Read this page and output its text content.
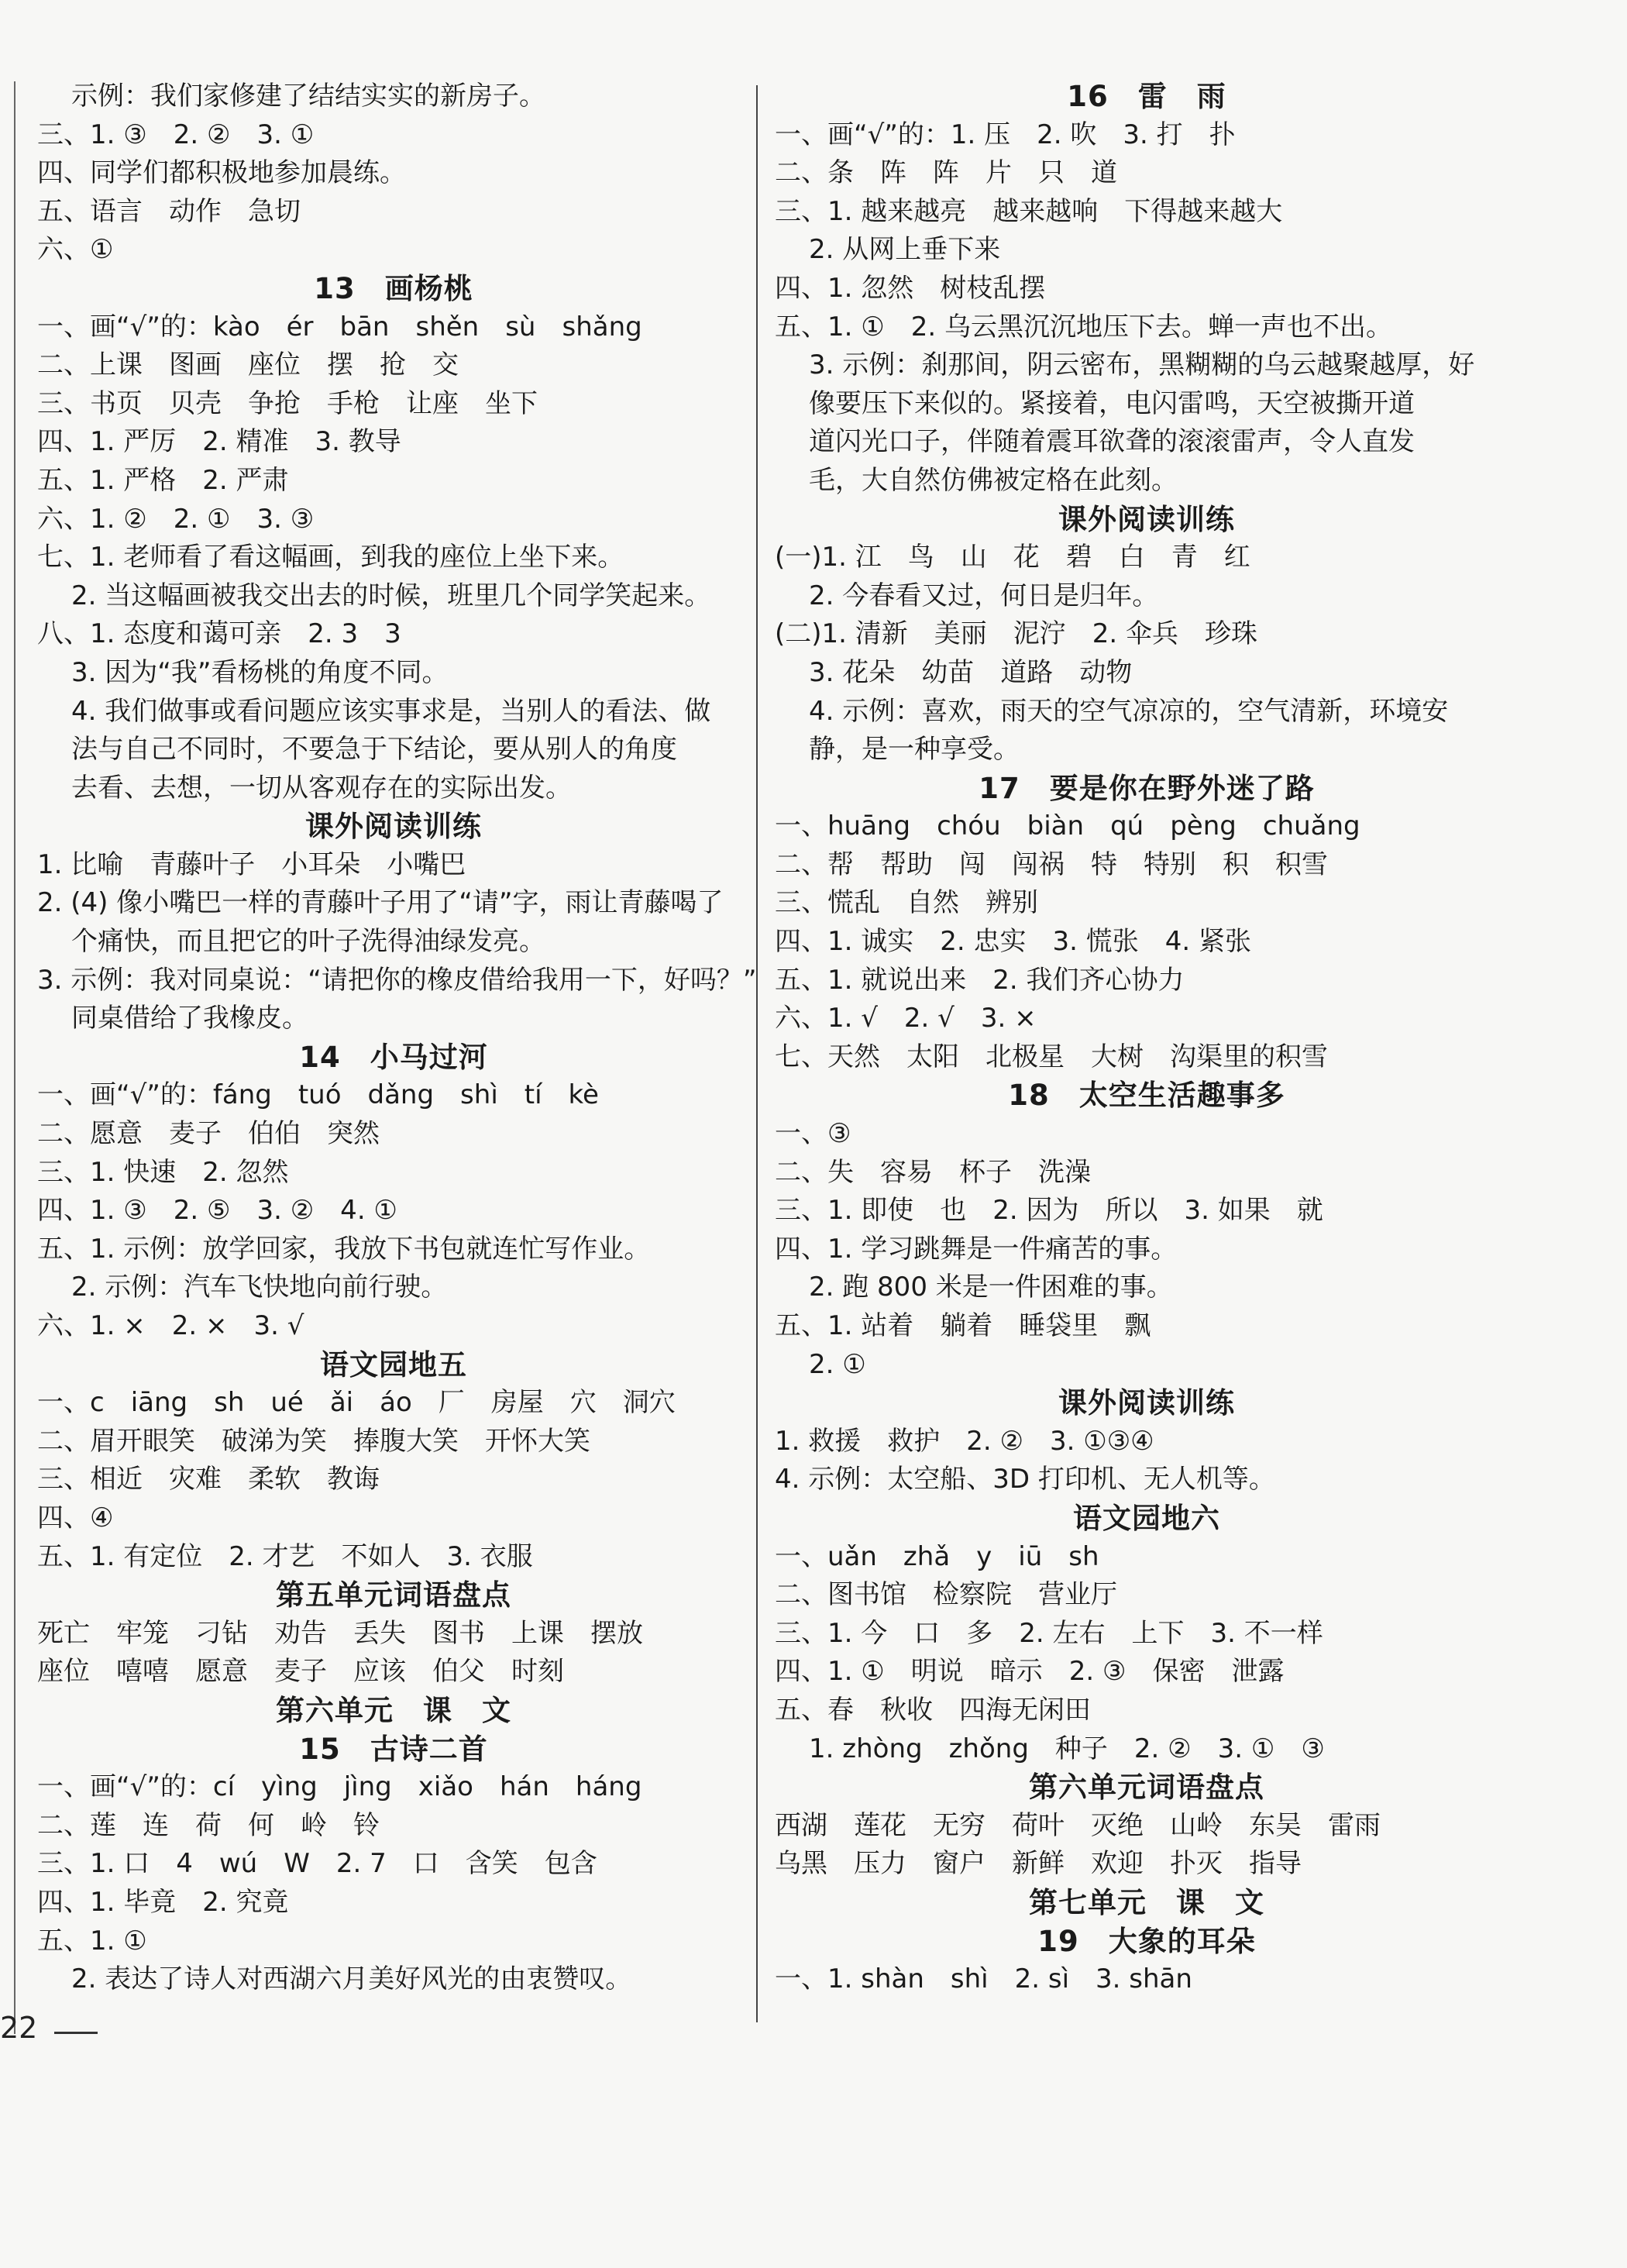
示例：我们家修建了结结实实的新房子。
三、1. ③　2. ②　3. ①
四、同学们都积极地参加晨练。
五、语言　动作　急切
六、①
13　画杨桃
一、画“√”的：kào　ér　bān　shěn　sù　shǎng
二、上课　图画　座位　摆　抢　交
三、书页　贝壳　争抢　手枪　让座　坐下
四、1. 严厉　2. 精准　3. 教导
五、1. 严格　2. 严肃
六、1. ②　2. ①　3. ③
七、1. 老师看了看这幅画，到我的座位上坐下来。
2. 当这幅画被我交出去的时候，班里几个同学笑起来。
八、1. 态度和蔼可亲　2. 3　3
3. 因为“我”看杨桃的角度不同。
4. 我们做事或看问题应该实事求是，当别人的看法、做
法与自己不同时，不要急于下结论，要从别人的角度
去看、去想，一切从客观存在的实际出发。
课外阅读训练
1. 比喻　青藤叶子　小耳朵　小嘴巴
2. (4) 像小嘴巴一样的青藤叶子用了“请”字，雨让青藤喝了
个痛快，而且把它的叶子洗得油绿发亮。
3. 示例：我对同桌说：“请把你的橡皮借给我用一下，好吗？”
同桌借给了我橡皮。
14　小马过河
一、画“√”的：fáng　tuó　dǎng　shì　tí　kè
二、愿意　麦子　伯伯　突然
三、1. 快速　2. 忽然
四、1. ③　2. ⑤　3. ②　4. ①
五、1. 示例：放学回家，我放下书包就连忙写作业。
2. 示例：汽车飞快地向前行驶。
六、1. ×　2. ×　3. √
语文园地五
一、c　iāng　sh　ué　ǎi　áo　厂　房屋　穴　洞穴
二、眉开眼笑　破涕为笑　捧腹大笑　开怀大笑
三、相近　灾难　柔软　教诲
四、④
五、1. 有定位　2. 才艺　不如人　3. 衣服
第五单元词语盘点
死亡　牢笼　刁钻　劝告　丢失　图书　上课　摆放
座位　嘻嘻　愿意　麦子　应该　伯父　时刻
第六单元　课　文
15　古诗二首
一、画“√”的：cí　yìng　jìng　xiǎo　hán　háng
二、莲　连　荷　何　岭　铃
三、1. 口　4　wú　W　2. 7　口　含笑　包含
四、1. 毕竟　2. 究竟
五、1. ①
2. 表达了诗人对西湖六月美好风光的由衷赞叹。
16　雷　雨
一、画“√”的：1. 压　2. 吹　3. 打　扑
二、条　阵　阵　片　只　道
三、1. 越来越亮　越来越响　下得越来越大
2. 从网上垂下来
四、1. 忽然　树枝乱摆
五、1. ①　2. 乌云黑沉沉地压下去。蝉一声也不出。
3. 示例：刹那间，阴云密布，黑糊糊的乌云越聚越厚，好
像要压下来似的。紧接着，电闪雷鸣，天空被撕开道
道闪光口子，伴随着震耳欲聋的滚滚雷声，令人直发
毛，大自然仿佛被定格在此刻。
课外阅读训练
(一)1. 江　鸟　山　花　碧　白　青　红
2. 今春看又过，何日是归年。
(二)1. 清新　美丽　泥泞　2. 伞兵　珍珠
3. 花朵　幼苗　道路　动物
4. 示例：喜欢，雨天的空气凉凉的，空气清新，环境安
静，是一种享受。
17　要是你在野外迷了路
一、huāng　chóu　biàn　qú　pèng　chuǎng
二、帮　帮助　闯　闯祸　特　特别　积　积雪
三、慌乱　自然　辨别
四、1. 诚实　2. 忠实　3. 慌张　4. 紧张
五、1. 就说出来　2. 我们齐心协力
六、1. √　2. √　3. ×
七、天然　太阳　北极星　大树　沟渠里的积雪
18　太空生活趣事多
一、③
二、失　容易　杯子　洗澡
三、1. 即使　也　2. 因为　所以　3. 如果　就
四、1. 学习跳舞是一件痛苦的事。
2. 跑 800 米是一件困难的事。
五、1. 站着　躺着　睡袋里　飘
2. ①
课外阅读训练
1. 救援　救护　2. ②　3. ①③④
4. 示例：太空船、3D 打印机、无人机等。
语文园地六
一、uǎn　zhǎ　y　iū　sh
二、图书馆　检察院　营业厅
三、1. 今　口　多　2. 左右　上下　3. 不一样
四、1. ①　明说　暗示　2. ③　保密　泄露
五、春　秋收　四海无闲田
1. zhòng　zhǒng　种子　2. ②　3. ①　③
第六单元词语盘点
西湖　莲花　无穷　荷叶　灭绝　山岭　东吴　雷雨
乌黑　压力　窗户　新鲜　欢迎　扑灭　指导
第七单元　课　文
19　大象的耳朵
一、1. shàn　shì　2. sì　3. shān
22
